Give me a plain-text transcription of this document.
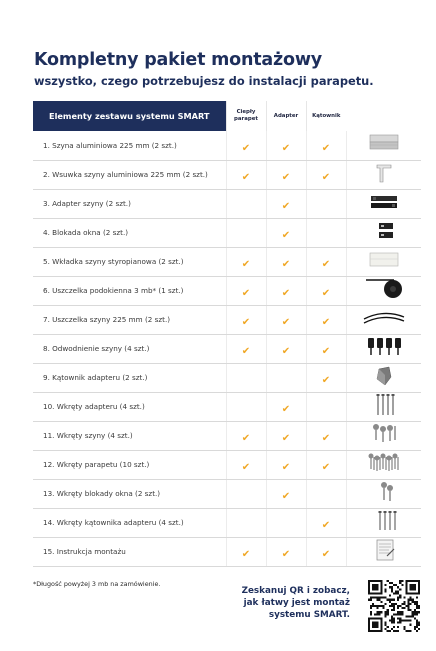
Kompletny pakiet montażowy
wszystko, czego potrzebujesz do instalacji parapetu.
Elementy zestawu systemu SMART	Ciepły parapet	Adapter	Kątownik	
1. Szyna aluminiowa 225 mm (2 szt.)	✔	✔	✔	
2. Wsuwka szyny aluminiowa 225 mm (2 szt.)	✔	✔	✔	
3. Adapter szyny (2 szt.)		✔		
4. Blokada okna (2 szt.)		✔		
5. Wkładka szyny styropianowa (2 szt.)	✔	✔	✔	
6. Uszczelka podokienna 3 mb* (1 szt.)	✔	✔	✔	
7. Uszczelka szyny 225 mm (2 szt.)	✔	✔	✔	
8. Odwodnienie szyny (4 szt.)	✔	✔	✔	
9. Kątownik adapteru (2 szt.)			✔	
10. Wkręty adapteru (4 szt.)		✔		
11. Wkręty szyny (4 szt.)	✔	✔	✔	
12. Wkręty parapetu (10 szt.)	✔	✔	✔	
13. Wkręty blokady okna (2 szt.)		✔		
14. Wkręty kątownika adapteru (4 szt.)			✔	
15. Instrukcja montażu	✔	✔	✔	
*Długość powyżej 3 mb na zamówienie.
Zeskanuj QR i zobacz,
jak łatwy jest montaż
systemu SMART.
